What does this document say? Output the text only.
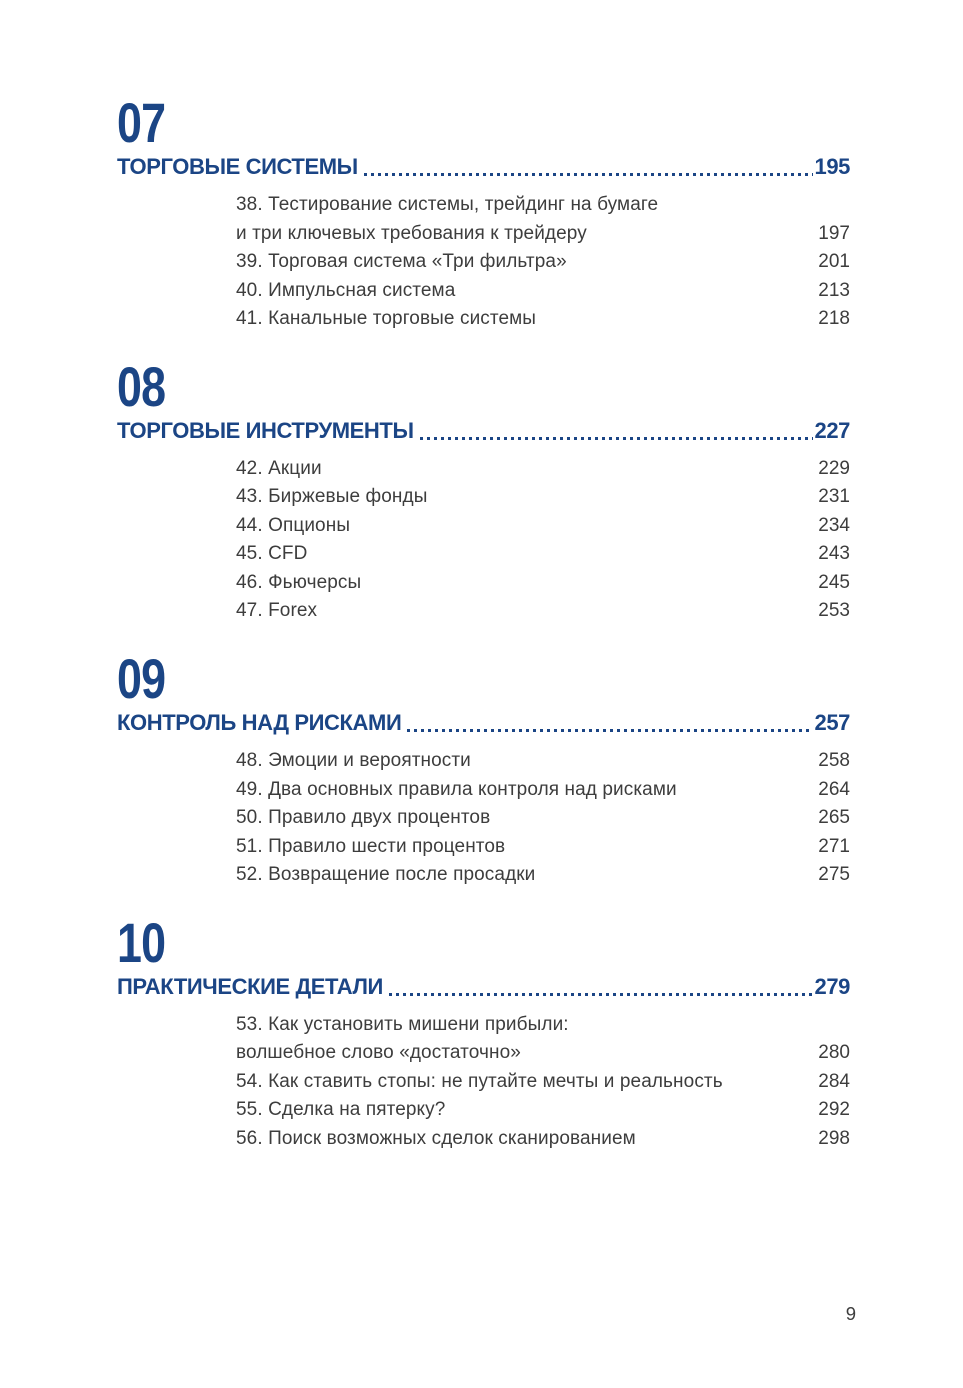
07
ТОРГОВЫЕ СИСТЕМЫ	195
38. Тестирование системы, трейдинг на бумаге
и три ключевых требования к трейдеру	197
39. Торговая система «Три фильтра»	201
40. Импульсная система	213
41. Канальные торговые системы	218
08
ТОРГОВЫЕ ИНСТРУМЕНТЫ	227
42. Акции	229
43. Биржевые фонды	231
44. Опционы	234
45. CFD	243
46. Фьючерсы	245
47. Forex	253
09
КОНТРОЛЬ НАД РИСКАМИ	257
48. Эмоции и вероятности	258
49. Два основных правила контроля над рисками	264
50. Правило двух процентов	265
51. Правило шести процентов	271
52. Возвращение после просадки	275
10
ПРАКТИЧЕСКИЕ ДЕТАЛИ	279
53. Как установить мишени прибыли:
волшебное слово «достаточно»	280
54. Как ставить стопы: не путайте мечты и реальность	284
55. Сделка на пятерку?	292
56. Поиск возможных сделок сканированием	298
9
